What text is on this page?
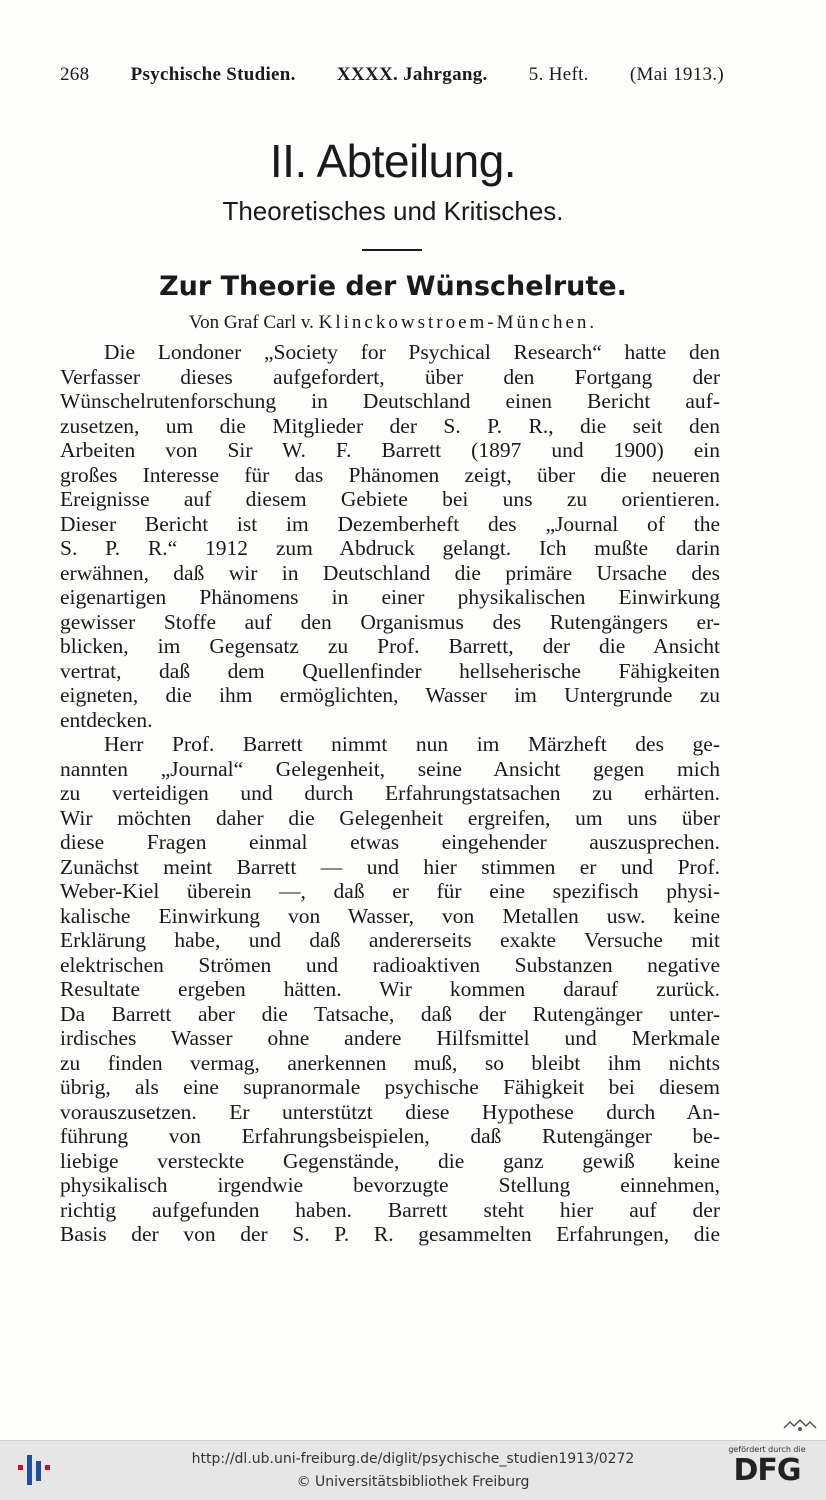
268 Psychische Studien. XXXX. Jahrgang. 5. Heft. (Mai 1913.)
II. Abteilung.
Theoretisches und Kritisches.
Zur Theorie der Wünschelrute.
Von Graf Carl v. Klinckowstroem-München.
Die Londoner „Society for Psychical Research“ hatte den
Verfasser dieses aufgefordert, über den Fortgang der
Wünschelrutenforschung in Deutschland einen Bericht auf-
zusetzen, um die Mitglieder der S. P. R., die seit den
Arbeiten von Sir W. F. Barrett (1897 und 1900) ein
großes Interesse für das Phänomen zeigt, über die neueren
Ereignisse auf diesem Gebiete bei uns zu orientieren.
Dieser Bericht ist im Dezemberheft des „Journal of the
S. P. R.“ 1912 zum Abdruck gelangt. Ich mußte darin
erwähnen, daß wir in Deutschland die primäre Ursache des
eigenartigen Phänomens in einer physikalischen Einwirkung
gewisser Stoffe auf den Organismus des Rutengängers er-
blicken, im Gegensatz zu Prof. Barrett, der die Ansicht
vertrat, daß dem Quellenfinder hellseherische Fähigkeiten
eigneten, die ihm ermöglichten, Wasser im Untergrunde zu
entdecken.
Herr Prof. Barrett nimmt nun im Märzheft des ge-
nannten „Journal“ Gelegenheit, seine Ansicht gegen mich
zu verteidigen und durch Erfahrungstatsachen zu erhärten.
Wir möchten daher die Gelegenheit ergreifen, um uns über
diese Fragen einmal etwas eingehender auszusprechen.
Zunächst meint Barrett — und hier stimmen er und Prof.
Weber-Kiel überein —, daß er für eine spezifisch physi-
kalische Einwirkung von Wasser, von Metallen usw. keine
Erklärung habe, und daß andererseits exakte Versuche mit
elektrischen Strömen und radioaktiven Substanzen negative
Resultate ergeben hätten. Wir kommen darauf zurück.
Da Barrett aber die Tatsache, daß der Rutengänger unter-
irdisches Wasser ohne andere Hilfsmittel und Merkmale
zu finden vermag, anerkennen muß, so bleibt ihm nichts
übrig, als eine supranormale psychische Fähigkeit bei diesem
vorauszusetzen. Er unterstützt diese Hypothese durch An-
führung von Erfahrungsbeispielen, daß Rutengänger be-
liebige versteckte Gegenstände, die ganz gewiß keine
physikalisch irgendwie bevorzugte Stellung einnehmen,
richtig aufgefunden haben. Barrett steht hier auf der
Basis der von der S. P. R. gesammelten Erfahrungen, die
http://dl.ub.uni-freiburg.de/diglit/psychische_studien1913/0272
© Universitätsbibliothek Freiburg
gefördert durch die
DFG
